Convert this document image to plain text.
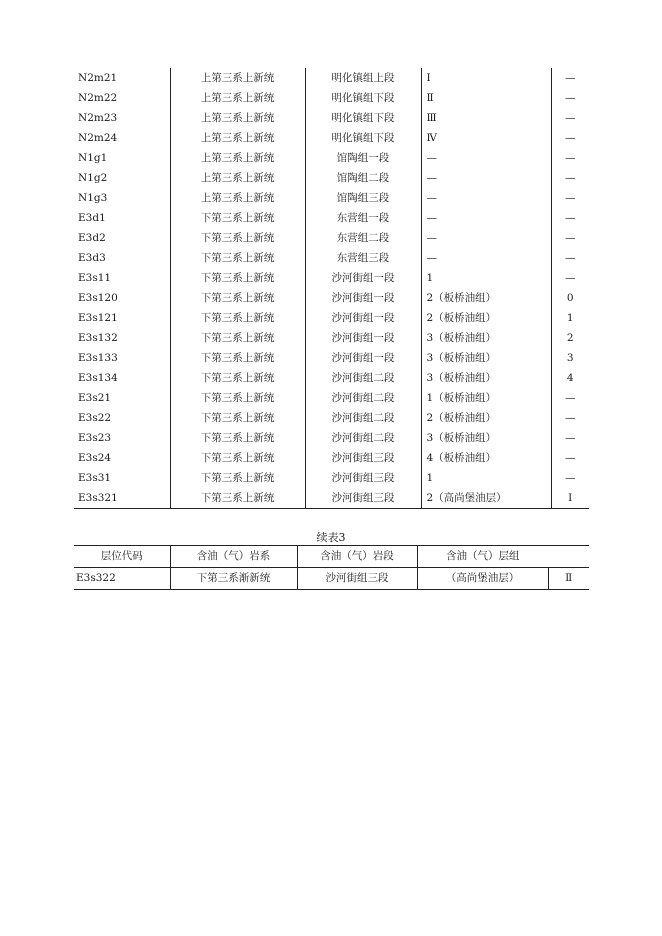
N2m21	上第三系上新统	明化镇组上段	Ⅰ	—
N2m22	上第三系上新统	明化镇组下段	Ⅱ	—
N2m23	上第三系上新统	明化镇组下段	Ⅲ	—
N2m24	上第三系上新统	明化镇组下段	Ⅳ	—
N1g1	上第三系上新统	馆陶组一段	—	—
N1g2	上第三系上新统	馆陶组二段	—	—
N1g3	上第三系上新统	馆陶组三段	—	—
E3d1	下第三系上新统	东营组一段	—	—
E3d2	下第三系上新统	东营组二段	—	—
E3d3	下第三系上新统	东营组三段	—	—
E3s11	下第三系上新统	沙河街组一段	1	—
E3s120	下第三系上新统	沙河街组一段	2（板桥油组）	0
E3s121	下第三系上新统	沙河街组一段	2（板桥油组）	1
E3s132	下第三系上新统	沙河街组一段	3（板桥油组）	2
E3s133	下第三系上新统	沙河街组一段	3（板桥油组）	3
E3s134	下第三系上新统	沙河街组二段	3（板桥油组）	4
E3s21	下第三系上新统	沙河街组二段	1（板桥油组）	—
E3s22	下第三系上新统	沙河街组二段	2（板桥油组）	—
E3s23	下第三系上新统	沙河街组二段	3（板桥油组）	—
E3s24	下第三系上新统	沙河街组三段	4（板桥油组）	—
E3s31	下第三系上新统	沙河街组三段	1	—
E3s321	下第三系上新统	沙河街组三段	2（高尚堡油层）	Ⅰ
续表3
层位代码	含油（气）岩系	含油（气）岩段	含油（气）层组	
E3s322	下第三系渐新统	沙河街组三段	（高尚堡油层）	Ⅱ
